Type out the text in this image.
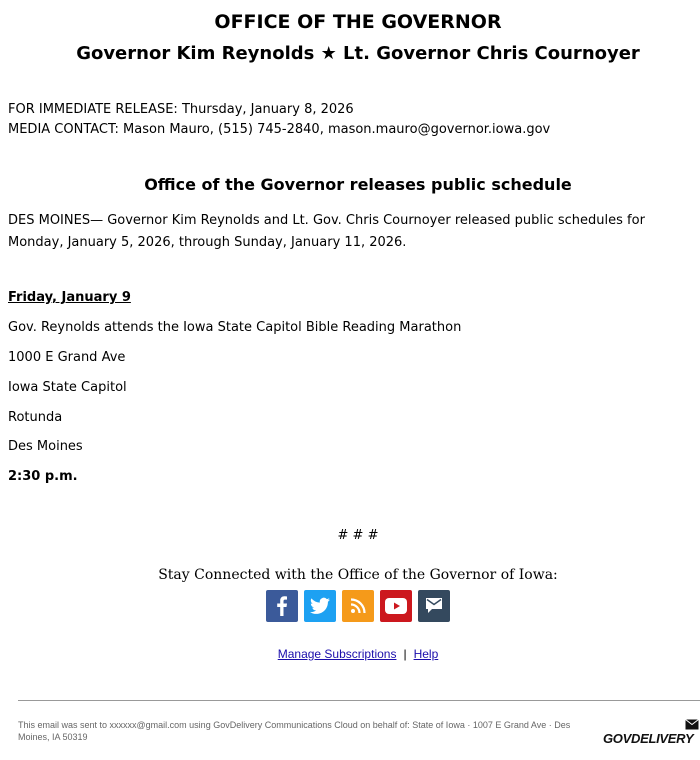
OFFICE OF THE GOVERNOR
Governor Kim Reynolds ★ Lt. Governor Chris Cournoyer
FOR IMMEDIATE RELEASE: Thursday, January 8, 2026
MEDIA CONTACT: Mason Mauro, (515) 745-2840, mason.mauro@governor.iowa.gov
Office of the Governor releases public schedule
DES MOINES— Governor Kim Reynolds and Lt. Gov. Chris Cournoyer released public schedules for Monday, January 5, 2026, through Sunday, January 11, 2026.
Friday, January 9
Gov. Reynolds attends the Iowa State Capitol Bible Reading Marathon
1000 E Grand Ave
Iowa State Capitol
Rotunda
Des Moines
2:30 p.m.
# # #
Stay Connected with the Office of the Governor of Iowa:
Manage Subscriptions | Help
This email was sent to xxxxxx@gmail.com using GovDelivery Communications Cloud on behalf of: State of Iowa · 1007 E Grand Ave · Des Moines, IA 50319	GOVDELIVERY
